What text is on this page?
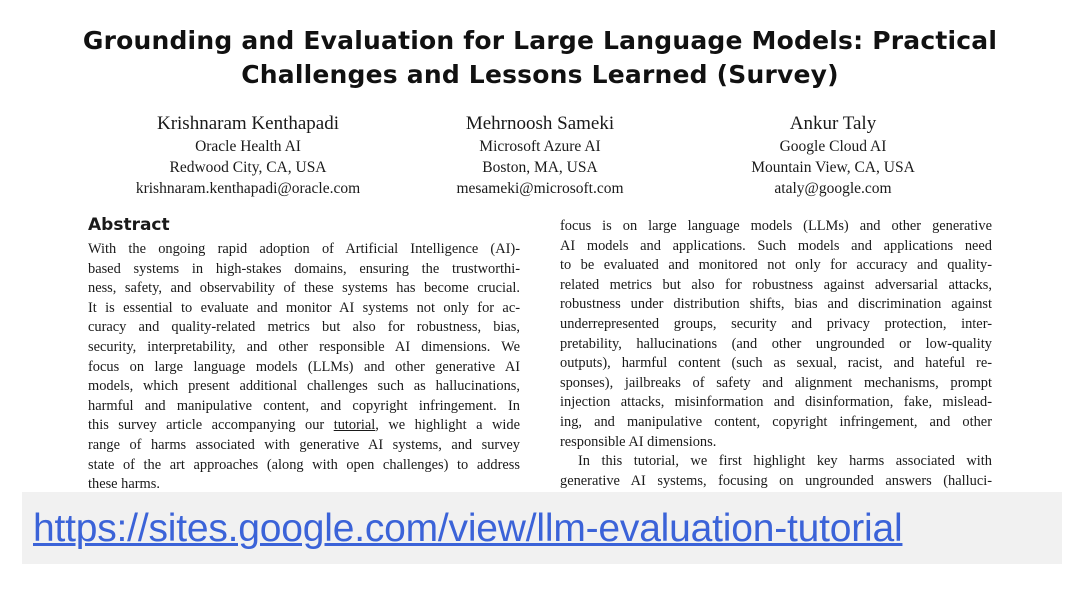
Grounding and Evaluation for Large Language Models: Practical
Challenges and Lessons Learned (Survey)
Krishnaram Kenthapadi
Oracle Health AI
Redwood City, CA, USA
krishnaram.kenthapadi@oracle.com
Mehrnoosh Sameki
Microsoft Azure AI
Boston, MA, USA
mesameki@microsoft.com
Ankur Taly
Google Cloud AI
Mountain View, CA, USA
ataly@google.com
Abstract

With the ongoing rapid adoption of Artificial Intelligence (AI)-
based systems in high-stakes domains, ensuring the trustworthi-
ness, safety, and observability of these systems has become crucial.
It is essential to evaluate and monitor AI systems not only for ac-
curacy and quality-related metrics but also for robustness, bias,
security, interpretability, and other responsible AI dimensions. We
focus on large language models (LLMs) and other generative AI
models, which present additional challenges such as hallucinations,
harmful and manipulative content, and copyright infringement. In
this survey article accompanying our tutorial, we highlight a wide
range of harms associated with generative AI systems, and survey
state of the art approaches (along with open challenges) to address
these harms.

focus is on large language models (LLMs) and other generative
AI models and applications. Such models and applications need
to be evaluated and monitored not only for accuracy and quality-
related metrics but also for robustness against adversarial attacks,
robustness under distribution shifts, bias and discrimination against
underrepresented groups, security and privacy protection, inter-
pretability, hallucinations (and other ungrounded or low-quality
outputs), harmful content (such as sexual, racist, and hateful re-
sponses), jailbreaks of safety and alignment mechanisms, prompt
injection attacks, misinformation and disinformation, fake, mislead-
ing, and manipulative content, copyright infringement, and other
responsible AI dimensions.

In this tutorial, we first highlight key harms associated with
generative AI systems, focusing on ungrounded answers (halluci-

https://sites.google.com/view/llm-evaluation-tutorial
